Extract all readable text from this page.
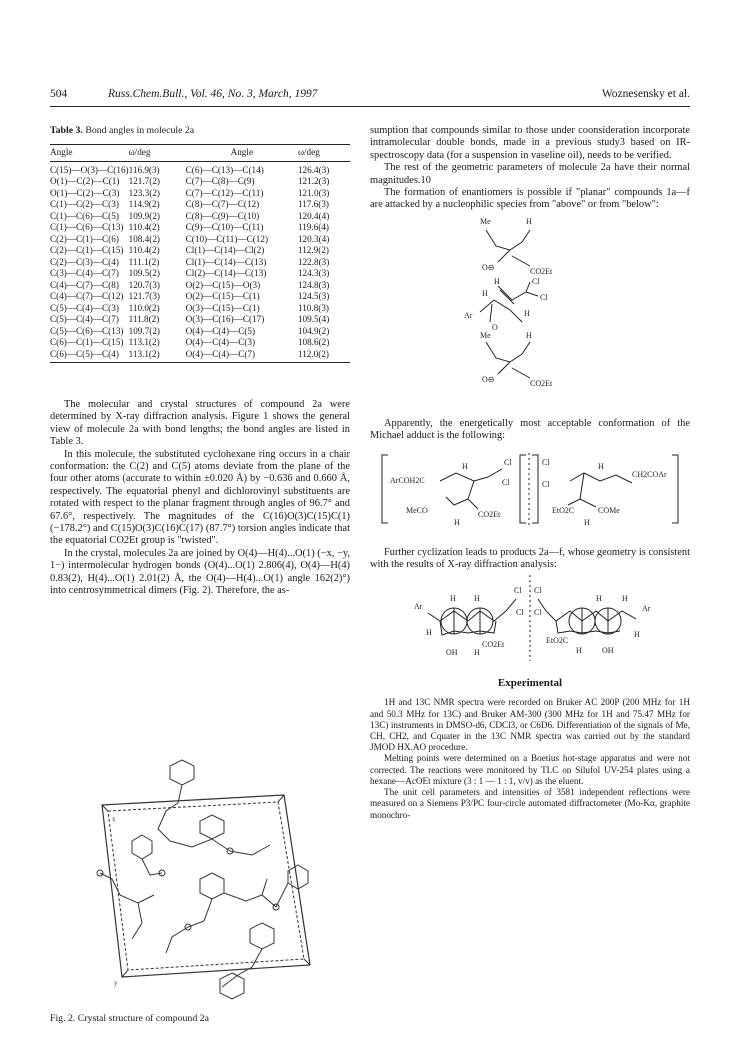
504	Russ.Chem.Bull., Vol. 46, No. 3, March, 1997	Woznesensky et al.
Table 3. Bond angles in molecule 2a
Angle	ω/deg	Angle	ω/deg
C(15)—O(3)—C(16)	116.9(3)	C(6)—C(13)—C(14)	126.4(3)
O(1)—C(2)—C(1)	121.7(2)	C(7)—C(8)—C(9)	121.2(3)
O(1)—C(2)—C(3)	123.3(2)	C(7)—C(12)—C(11)	121.0(3)
C(1)—C(2)—C(3)	114.9(2)	C(8)—C(7)—C(12)	117.6(3)
C(1)—C(6)—C(5)	109.9(2)	C(8)—C(9)—C(10)	120.4(4)
C(1)—C(6)—C(13)	110.4(2)	C(9)—C(10)—C(11)	119.6(4)
C(2)—C(1)—C(6)	108.4(2)	C(10)—C(11)—C(12)	120.3(4)
C(2)—C(1)—C(15)	110.4(2)	Cl(1)—C(14)—Cl(2)	112.9(2)
C(2)—C(3)—C(4)	111.1(2)	Cl(1)—C(14)—C(13)	122.8(3)
C(3)—C(4)—C(7)	109.5(2)	Cl(2)—C(14)—C(13)	124.3(3)
C(4)—C(7)—C(8)	120.7(3)	O(2)—C(15)—O(3)	124.8(3)
C(4)—C(7)—C(12)	121.7(3)	O(2)—C(15)—C(1)	124.5(3)
C(5)—C(4)—C(3)	110.0(2)	O(3)—C(15)—C(1)	110.8(3)
C(5)—C(4)—C(7)	111.8(2)	O(3)—C(16)—C(17)	109.5(4)
C(5)—C(6)—C(13)	109.7(2)	O(4)—C(4)—C(5)	104.9(2)
C(6)—C(1)—C(15)	113.1(2)	O(4)—C(4)—C(3)	108.6(2)
C(6)—C(5)—C(4)	113.1(2)	O(4)—C(4)—C(7)	112.0(2)

The molecular and crystal structures of compound 2a were determined by X-ray diffraction analysis. Figure 1 shows the general view of molecule 2a with bond lengths; the bond angles are listed in Table 3.

In this molecule, the substituted cyclohexane ring occurs in a chair conformation: the C(2) and C(5) atoms deviate from the plane of the four other atoms (accurate to within ±0.020 Å) by −0.636 and 0.660 Å, respectively. The equatorial phenyl and dichlorovinyl substituents are rotated with respect to the planar fragment through angles of 96.7° and 67.6°, respectively. The magnitudes of the C(16)O(3)C(15)C(1) (−178.2°) and C(15)O(3)C(16)C(17) (87.7°) torsion angles indicate that the equatorial CO2Et group is "twisted".

In the crystal, molecules 2a are joined by O(4)—H(4)...O(1) (−x, −y, 1−) intermolecular hydrogen bonds (O(4)...O(1) 2.806(4), O(4)—H(4) 0.83(2), H(4)...O(1) 2.01(2) Å, the O(4)—H(4)...O(1) angle 162(2)°) into centrosymmetrical dimers (Fig. 2). Therefore, the as-

x
y
Fig. 2. Crystal structure of compound 2a

sumption that compounds similar to those under coonsideration incorporate intramolecular double bonds, made in a previous study3 based on IR-spectroscopy data (for a suspension in vaseline oil), needs to be verified.

The rest of the geometric parameters of molecule 2a have their normal magnitudes.10

The formation of enantiomers is possible if "planar" compounds 1a—f are attacked by a nucleophilic species from "above" or from "below":

Me	H
O⊖	CO2Et
H	Cl
Cl
H
H
Ar
O
Me	H
O⊖	CO2Et

Apparently, the energetically most acceptable conformation of the Michael adduct is the following:

ArCOH2C
H	Cl
Cl
MeCO	CO2Et
H
Cl
Cl
H
CH2COAr
EtO2C	COMe
H

Further cyclization leads to products 2a—f, whose geometry is consistent with the results of X-ray diffraction analysis:

Ar
H H
Cl
Cl
H
CO2Et
OH H
Cl
Cl
EtO2C
H	H
Ar
H
H	OH
Experimental

1H and 13C NMR spectra were recorded on Bruker AC 200P (200 MHz for 1H and 50.3 MHz for 13C) and Bruker AM-300 (300 MHz for 1H and 75.47 MHz for 13C) instruments in DMSO-d6, CDCl3, or C6D6. Differentiation of the signals of Me, CH, CH2, and Cquater in the 13C NMR spectra was carried out by the standard JMOD HX.AO procedure.

Melting points were determined on a Boetius hot-stage apparatus and were not corrected. The reactions were monitored by TLC on Silufol UV-254 plates using a hexane—AcOEt mixture (3 : 1 — 1 : 1, v/v) as the eluent.

The unit cell parameters and intensities of 3581 independent reflections were measured on a Siemens P3/PC four-circle automated diffractometer (Mo-Kα, graphite monochro-
